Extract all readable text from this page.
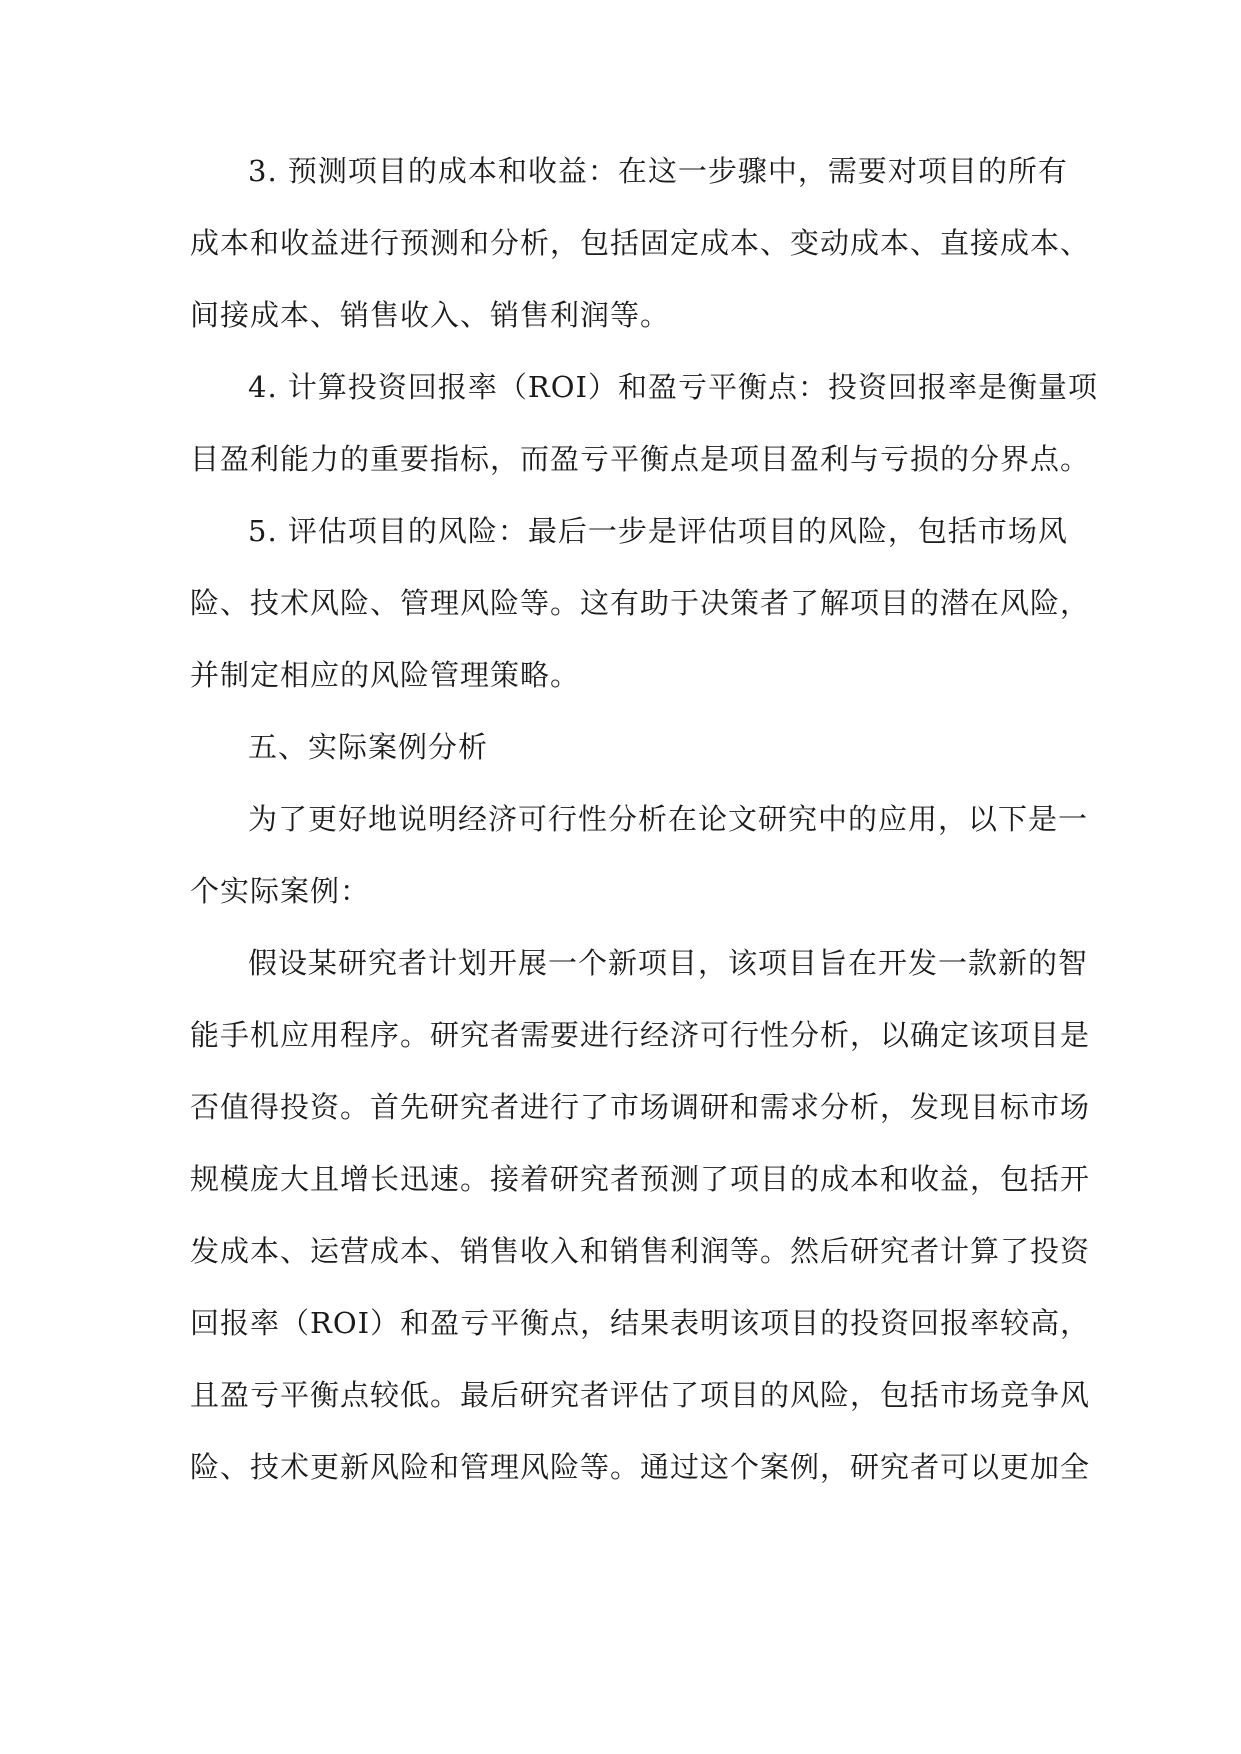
3. 预测项目的成本和收益：在这一步骤中，需要对项目的所有
成本和收益进行预测和分析，包括固定成本、变动成本、直接成本、
间接成本、销售收入、销售利润等。
4. 计算投资回报率（ROI）和盈亏平衡点：投资回报率是衡量项
目盈利能力的重要指标，而盈亏平衡点是项目盈利与亏损的分界点。
5. 评估项目的风险：最后一步是评估项目的风险，包括市场风
险、技术风险、管理风险等。这有助于决策者了解项目的潜在风险，
并制定相应的风险管理策略。
五、实际案例分析
为了更好地说明经济可行性分析在论文研究中的应用，以下是一
个实际案例：
假设某研究者计划开展一个新项目，该项目旨在开发一款新的智
能手机应用程序。研究者需要进行经济可行性分析，以确定该项目是
否值得投资。首先研究者进行了市场调研和需求分析，发现目标市场
规模庞大且增长迅速。接着研究者预测了项目的成本和收益，包括开
发成本、运营成本、销售收入和销售利润等。然后研究者计算了投资
回报率（ROI）和盈亏平衡点，结果表明该项目的投资回报率较高，
且盈亏平衡点较低。最后研究者评估了项目的风险，包括市场竞争风
险、技术更新风险和管理风险等。通过这个案例，研究者可以更加全
